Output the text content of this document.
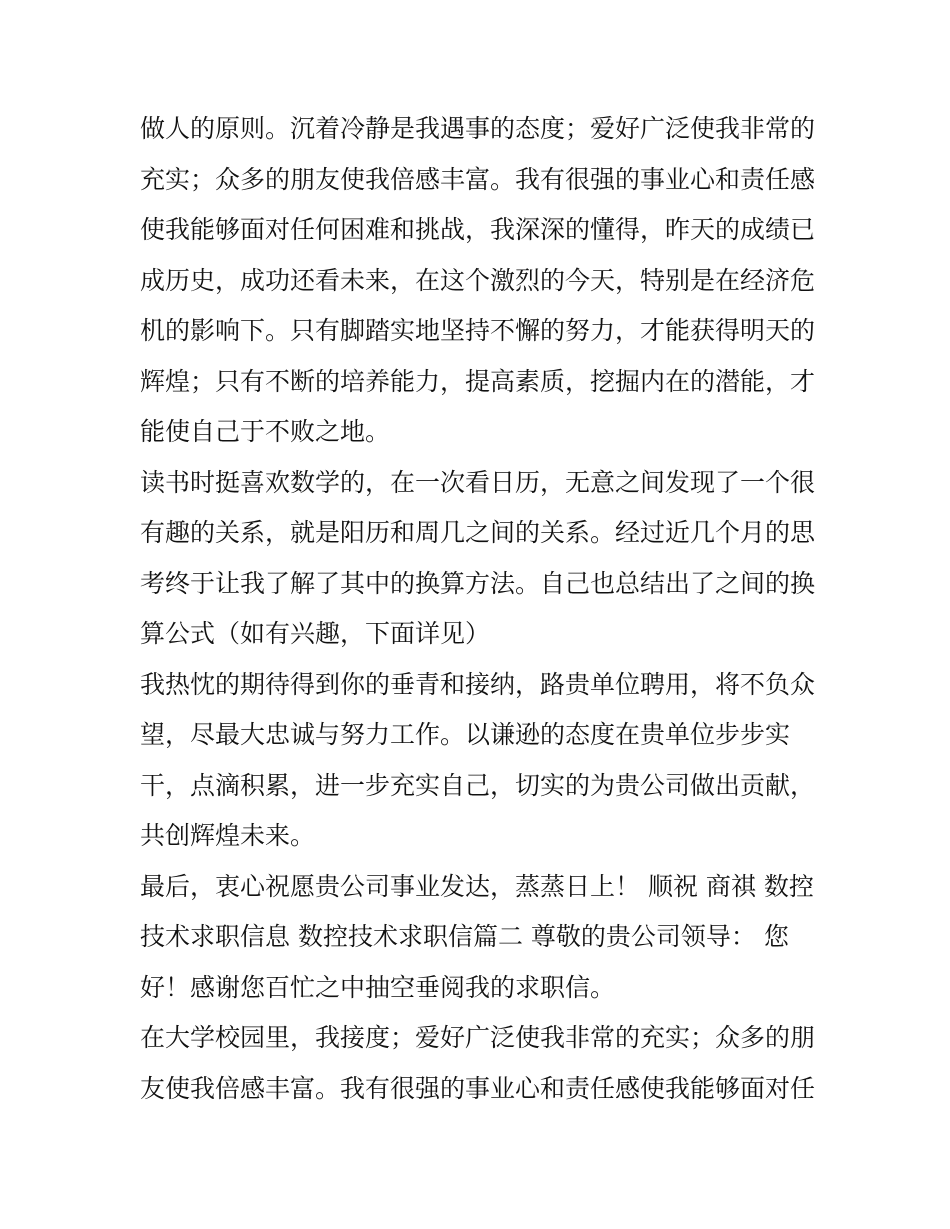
做人的原则。沉着冷静是我遇事的态度；爱好广泛使我非常的
充实；众多的朋友使我倍感丰富。我有很强的事业心和责任感
使我能够面对任何困难和挑战，我深深的懂得，昨天的成绩已
成历史，成功还看未来，在这个激烈的今天，特别是在经济危
机的影响下。只有脚踏实地坚持不懈的努力，才能获得明天的
辉煌；只有不断的培养能力，提高素质，挖掘内在的潜能，才
能使自己于不败之地。

读书时挺喜欢数学的，在一次看日历，无意之间发现了一个很
有趣的关系，就是阳历和周几之间的关系。经过近几个月的思
考终于让我了解了其中的换算方法。自己也总结出了之间的换
算公式（如有兴趣，下面详见）

我热忱的期待得到你的垂青和接纳，路贵单位聘用，将不负众
望，尽最大忠诚与努力工作。以谦逊的态度在贵单位步步实
干，点滴积累，进一步充实自己，切实的为贵公司做出贡献，
共创辉煌未来。

最后，衷心祝愿贵公司事业发达，蒸蒸日上！ 顺祝 商祺 数控
技术求职信息 数控技术求职信篇二 尊敬的贵公司领导： 您
好！感谢您百忙之中抽空垂阅我的求职信。

在大学校园里，我接度；爱好广泛使我非常的充实；众多的朋
友使我倍感丰富。我有很强的事业心和责任感使我能够面对任
